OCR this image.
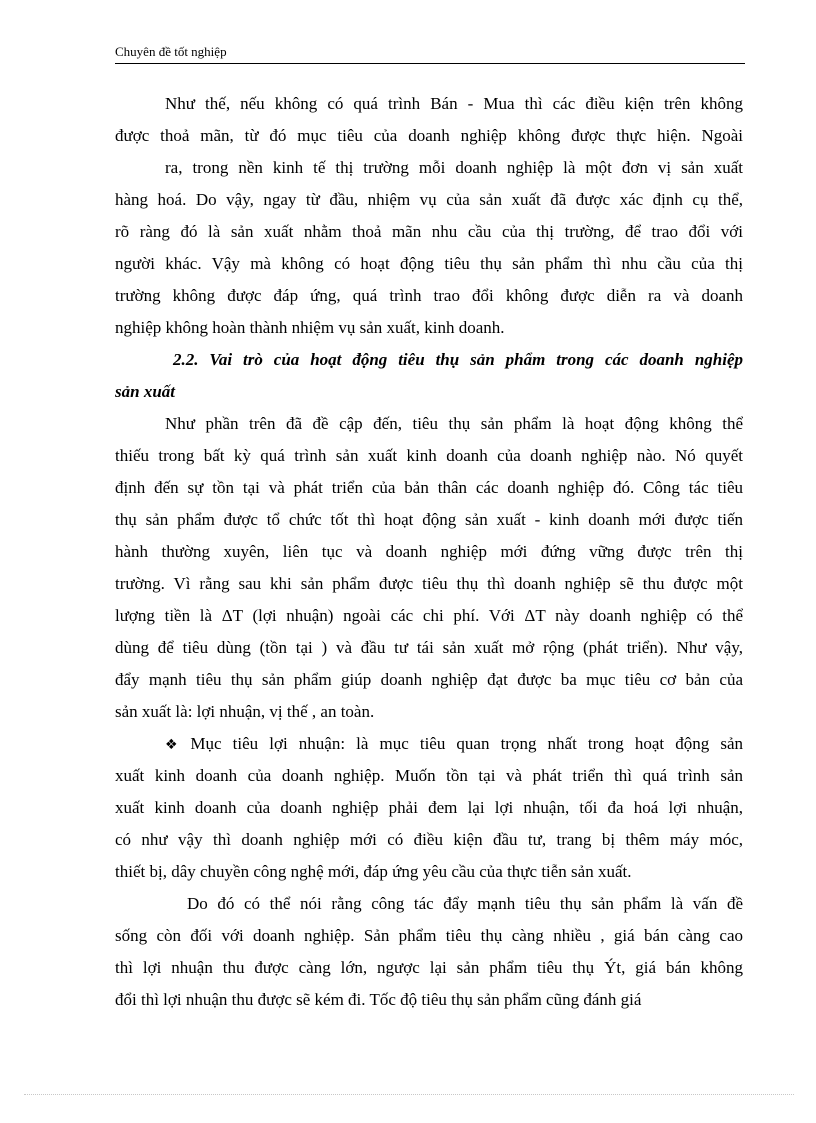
Chuyên đề tốt nghiệp
Như thế, nếu không có quá trình Bán - Mua thì các điều kiện trên không
được thoả mãn, từ đó mục tiêu của doanh nghiệp không được thực hiện. Ngoài
ra, trong nền kinh tế thị trường mỗi doanh nghiệp là một đơn vị sản xuất
hàng hoá. Do vậy, ngay từ đầu, nhiệm vụ của sản xuất đã được xác định cụ thể,
rõ ràng đó là sản xuất nhằm thoả mãn nhu cầu của thị trường, để trao đổi với
người khác. Vậy mà không có hoạt động tiêu thụ sản phẩm thì nhu cầu của thị
trường không được đáp ứng, quá trình trao đổi không được diễn ra và doanh
nghiệp không hoàn thành nhiệm vụ sản xuất, kinh doanh.
2.2. Vai trò của hoạt động tiêu thụ sản phẩm trong các doanh nghiệp
sản xuất
Như phần trên đã đề cập đến, tiêu thụ sản phẩm là hoạt động không thể
thiếu trong bất kỳ quá trình sản xuất kinh doanh của doanh nghiệp nào. Nó quyết
định đến sự tồn tại và phát triển của bản thân các doanh nghiệp đó. Công tác tiêu
thụ sản phẩm được tổ chức tốt thì hoạt động sản xuất - kinh doanh mới được tiến
hành thường xuyên, liên tục và doanh nghiệp mới đứng vững được trên thị
trường. Vì rằng sau khi sản phẩm được tiêu thụ thì doanh nghiệp sẽ thu được một
lượng tiền là ΔT (lợi nhuận) ngoài các chi phí. Với ΔT này doanh nghiệp có thể
dùng để tiêu dùng (tồn tại ) và đầu tư tái sản xuất mở rộng (phát triển). Như vậy,
đẩy mạnh tiêu thụ sản phẩm giúp doanh nghiệp đạt được ba mục tiêu cơ bản của
sản xuất là: lợi nhuận, vị thế , an toàn.
❖ Mục tiêu lợi nhuận: là mục tiêu quan trọng nhất trong hoạt động sản
xuất kinh doanh của doanh nghiệp. Muốn tồn tại và phát triển thì quá trình sản
xuất kinh doanh của doanh nghiệp phải đem lại lợi nhuận, tối đa hoá lợi nhuận,
có như vậy thì doanh nghiệp mới có điều kiện đầu tư, trang bị thêm máy móc,
thiết bị, dây chuyền công nghệ mới, đáp ứng yêu cầu của thực tiễn sản xuất.
Do đó có thể nói rằng công tác đẩy mạnh tiêu thụ sản phẩm là vấn đề
sống còn đối với doanh nghiệp. Sản phẩm tiêu thụ càng nhiều , giá bán càng cao
thì lợi nhuận thu được càng lớn, ngược lại sản phẩm tiêu thụ Ýt, giá bán không
đổi thì lợi nhuận thu được sẽ kém đi. Tốc độ tiêu thụ sản phẩm cũng đánh giá
